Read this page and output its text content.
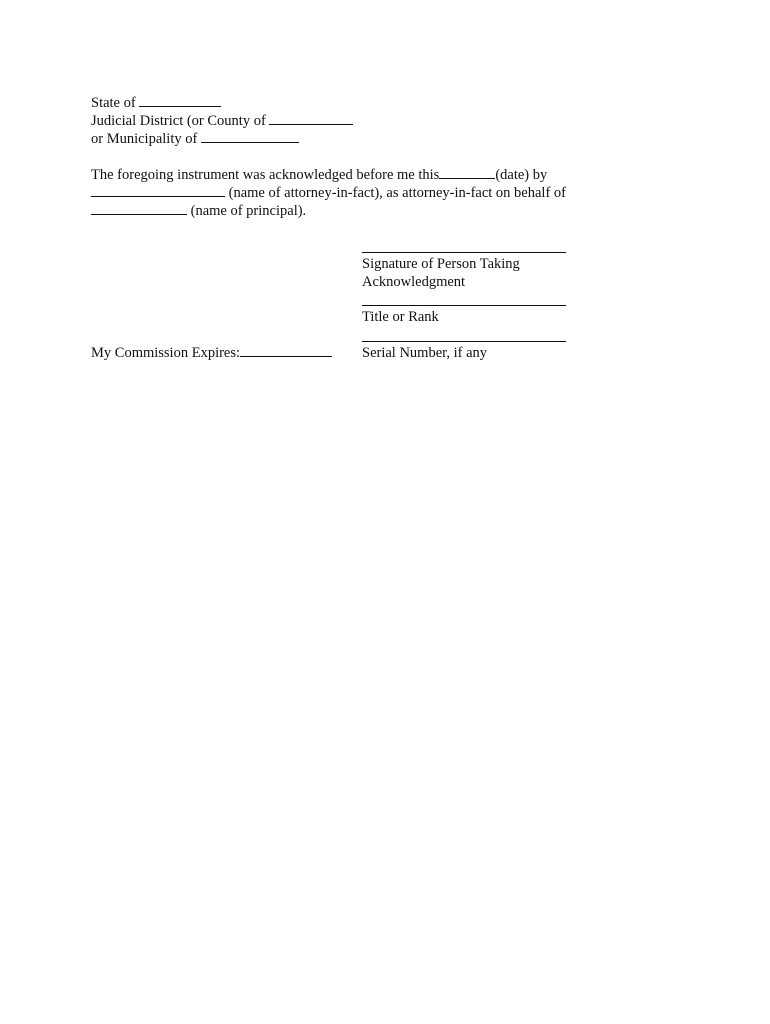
State of
Judicial District (or County of
or Municipality of
The foregoing instrument was acknowledged before me this	(date) by
(name of attorney-in-fact), as attorney-in-fact on behalf of
(name of principal).
Signature of Person Taking
Acknowledgment
Title or Rank
Serial Number, if any
My Commission Expires:
